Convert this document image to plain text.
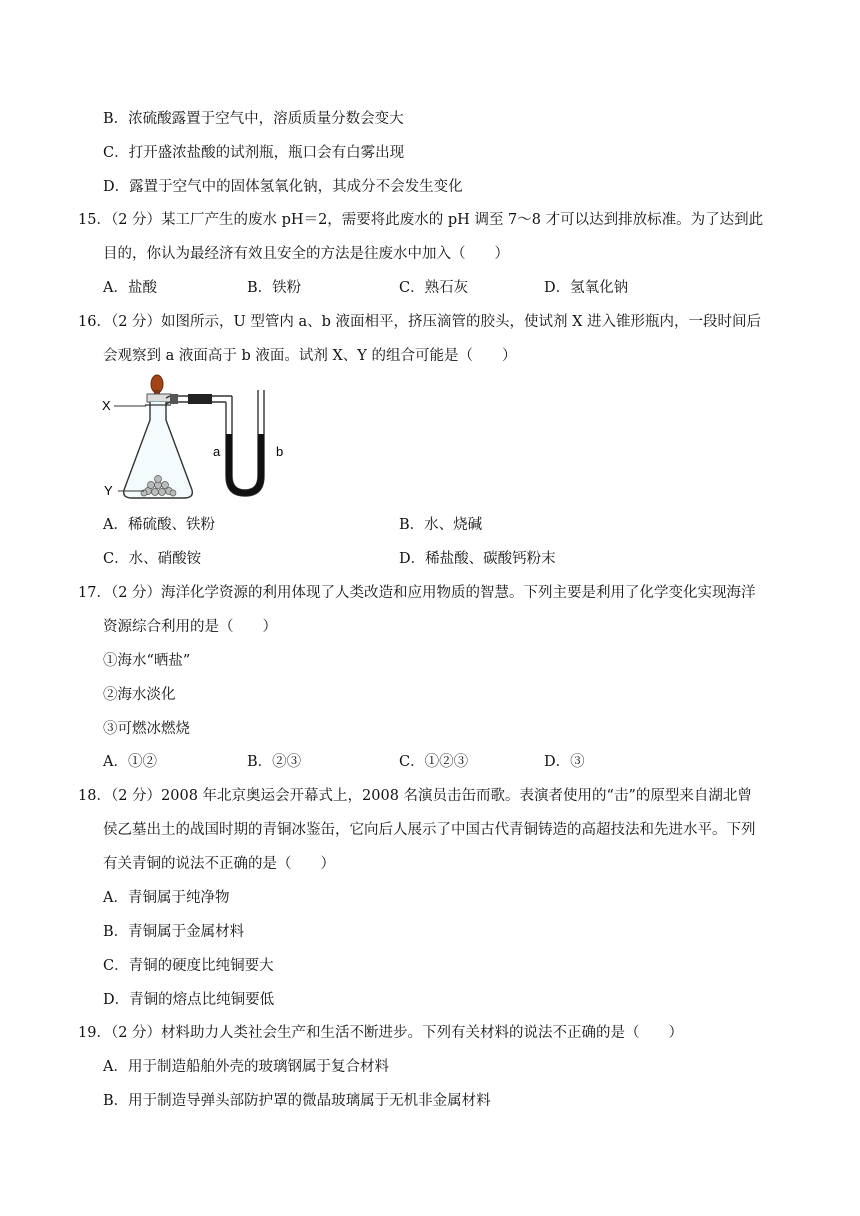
B．浓硫酸露置于空气中，溶质质量分数会变大
C．打开盛浓盐酸的试剂瓶，瓶口会有白雾出现
D．露置于空气中的固体氢氧化钠，其成分不会发生变化
15．（2 分）某工厂产生的废水 pH＝2，需要将此废水的 pH 调至 7～8 才可以达到排放标准。为了达到此
目的，你认为最经济有效且安全的方法是往废水中加入（　　）
A．盐酸	B．铁粉	C．熟石灰	D．氢氧化钠
16．（2 分）如图所示，U 型管内 a、b 液面相平，挤压滴管的胶头，使试剂 X 进入锥形瓶内，一段时间后
会观察到 a 液面高于 b 液面。试剂 X、Y 的组合可能是（　　）
X
Y
a	b
A．稀硫酸、铁粉	B．水、烧碱
C．水、硝酸铵	D．稀盐酸、碳酸钙粉末
17．（2 分）海洋化学资源的利用体现了人类改造和应用物质的智慧。下列主要是利用了化学变化实现海洋
资源综合利用的是（　　）
①海水“晒盐”
②海水淡化
③可燃冰燃烧
A．①②	B．②③	C．①②③	D．③
18．（2 分）2008 年北京奥运会开幕式上，2008 名演员击缶而歌。表演者使用的“击”的原型来自湖北曾
侯乙墓出土的战国时期的青铜冰鉴缶，它向后人展示了中国古代青铜铸造的高超技法和先进水平。下列
有关青铜的说法不正确的是（　　）
A．青铜属于纯净物
B．青铜属于金属材料
C．青铜的硬度比纯铜要大
D．青铜的熔点比纯铜要低
19．（2 分）材料助力人类社会生产和生活不断进步。下列有关材料的说法不正确的是（　　）
A．用于制造船舶外壳的玻璃钢属于复合材料
B．用于制造导弹头部防护罩的微晶玻璃属于无机非金属材料
